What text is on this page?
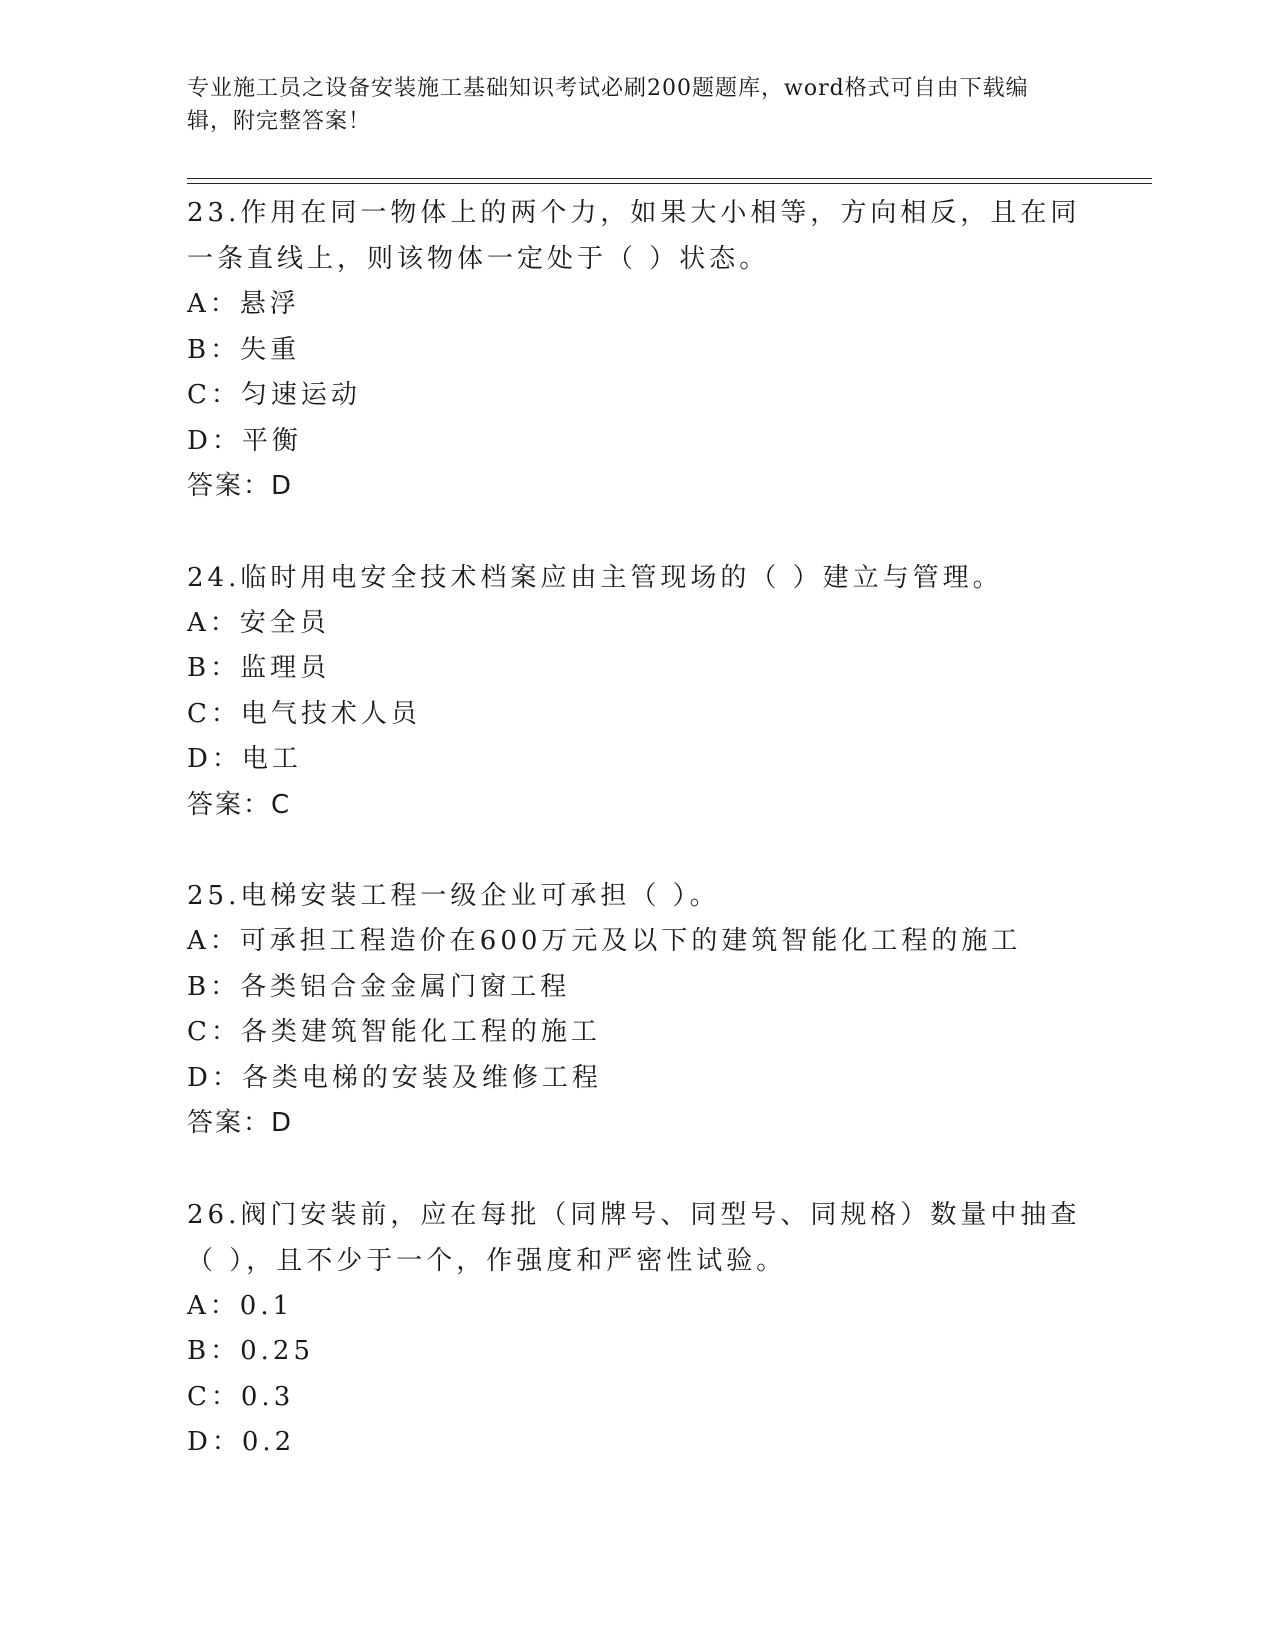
专业施工员之设备安装施工基础知识考试必刷200题题库，word格式可自由下载编辑，附完整答案！

23.作用在同一物体上的两个力，如果大小相等，方向相反，且在同一条直线上，则该物体一定处于（ ）状态。

A：悬浮

B：失重

C：匀速运动

D：平衡

答案：D

24.临时用电安全技术档案应由主管现场的（ ）建立与管理。

A：安全员

B：监理员

C：电气技术人员

D：电工

答案：C

25.电梯安装工程一级企业可承担（ ）。

A：可承担工程造价在600万元及以下的建筑智能化工程的施工

B：各类铝合金金属门窗工程

C：各类建筑智能化工程的施工

D：各类电梯的安装及维修工程

答案：D

26.阀门安装前，应在每批（同牌号、同型号、同规格）数量中抽查（ ），且不少于一个，作强度和严密性试验。

A：0.1

B：0.25

C：0.3

D：0.2
